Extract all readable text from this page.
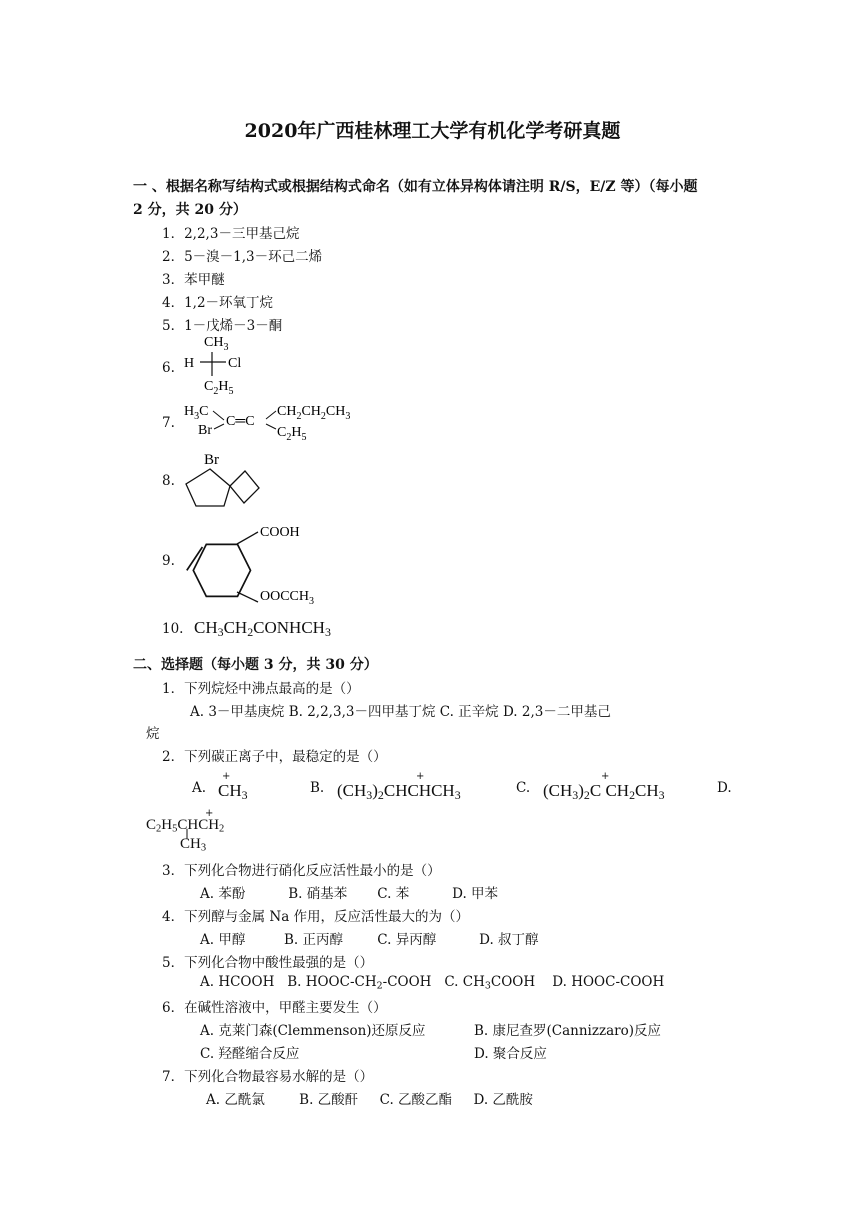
2020年广西桂林理工大学有机化学考研真题
一 、根据名称写结构式或根据结构式命名（如有立体异构体请注明 R/S，E/Z 等）（每小题
2 分，共 20 分）
1．2,2,3－三甲基己烷
2．5－溴－1,3－环己二烯
3．苯甲醚
4．1,2－环氧丁烷
5．1－戊烯－3－酮
6.
$CH_3$
H Cl
$C_2H_5$
7.
$H_3C$
Br
C═C
$CH_2CH_2CH_3$
$C_2H_5$
8.
Br
9.
COOH
$OOCCH_3$
10. $CH_3CH_2CONHCH_3$
二、选择题（每小题 3 分，共 30 分）
1．下列烷烃中沸点最高的是（）
A. 3－甲基庚烷 B. 2,2,3,3－四甲基丁烷 C. 正辛烷 D. 2,3－二甲基己
烷
2．下列碳正离子中，最稳定的是（）
A.
+
$CH_3$	B.
+
$(CH_3)_2CHCHCH_3$	C.
+
$(CH_3)_2C$ $CH_2CH_3$	D.
+
$C_2H_5CHCH_2$
$CH_3$
3．下列化合物进行硝化反应活性最小的是（）
A. 苯酚          B. 硝基苯       C. 苯          D. 甲苯
4．下列醇与金属 Na 作用，反应活性最大的为（）
A. 甲醇         B. 正丙醇        C. 异丙醇          D. 叔丁醇
5．下列化合物中酸性最强的是（）
A. HCOOH   B. HOOC-$CH_2$-COOH   C. $CH_3COOH$    D. HOOC-COOH
6．在碱性溶液中，甲醛主要发生（）
A. 克莱门森(Clemmenson)还原反应	B. 康尼查罗(Cannizzaro)反应
C. 羟醛缩合反应	D. 聚合反应
7．下列化合物最容易水解的是（）
A. 乙酰氯        B. 乙酸酐     C. 乙酸乙酯     D. 乙酰胺
